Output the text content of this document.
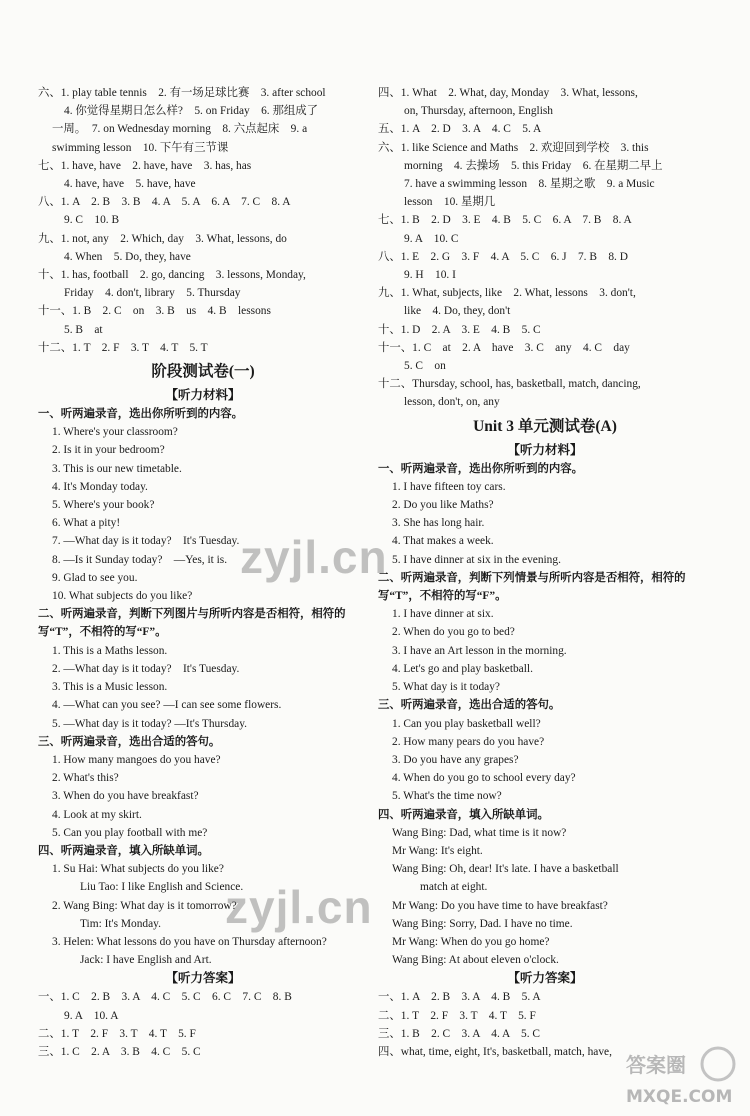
六、1. play table tennis　2. 有一场足球比赛　3. after school
4. 你觉得星期日怎么样?　5. on Friday　6. 那组成了
一周。　7. on Wednesday morning　8. 六点起床　9. a
swimming lesson　10. 下午有三节课
七、1. have, have　2. have, have　3. has, has
4. have, have　5. have, have
八、1. A　2. B　3. B　4. A　5. A　6. A　7. C　8. A
9. C　10. B
九、1. not, any　2. Which, day　3. What, lessons, do
4. When　5. Do, they, have
十、1. has, football　2. go, dancing　3. lessons, Monday,
Friday　4. don't, library　5. Thursday
十一、1. B　2. C　on　3. B　us　4. B　lessons
5. B　at
十二、1. T　2. F　3. T　4. T　5. T
阶段测试卷(一)
【听力材料】
一、听两遍录音，选出你所听到的内容。
1. Where's your classroom?
2. Is it in your bedroom?
3. This is our new timetable.
4. It's Monday today.
5. Where's your book?
6. What a pity!
7. —What day is it today?　It's Tuesday.
8. —Is it Sunday today?　—Yes, it is.
9. Glad to see you.
10. What subjects do you like?
二、听两遍录音，判断下列图片与所听内容是否相符，相符的
写“T”，不相符的写“F”。
1. This is a Maths lesson.
2. —What day is it today?　It's Tuesday.
3. This is a Music lesson.
4. —What can you see? —I can see some flowers.
5. —What day is it today? —It's Thursday.
三、听两遍录音，选出合适的答句。
1. How many mangoes do you have?
2. What's this?
3. When do you have breakfast?
4. Look at my skirt.
5. Can you play football with me?
四、听两遍录音，填入所缺单词。
1. Su Hai: What subjects do you like?
Liu Tao: I like English and Science.
2. Wang Bing: What day is it tomorrow?
Tim: It's Monday.
3. Helen: What lessons do you have on Thursday afternoon?
Jack: I have English and Art.
【听力答案】
一、1. C　2. B　3. A　4. C　5. C　6. C　7. C　8. B
9. A　10. A
二、1. T　2. F　3. T　4. T　5. F
三、1. C　2. A　3. B　4. C　5. C
四、1. What　2. What, day, Monday　3. What, lessons,
on, Thursday, afternoon, English
五、1. A　2. D　3. A　4. C　5. A
六、1. like Science and Maths　2. 欢迎回到学校　3. this
morning　4. 去操场　5. this Friday　6. 在星期二早上
7. have a swimming lesson　8. 星期之歌　9. a Music
lesson　10. 星期几
七、1. B　2. D　3. E　4. B　5. C　6. A　7. B　8. A
9. A　10. C
八、1. E　2. G　3. F　4. A　5. C　6. J　7. B　8. D
9. H　10. I
九、1. What, subjects, like　2. What, lessons　3. don't,
like　4. Do, they, don't
十、1. D　2. A　3. E　4. B　5. C
十一、1. C　at　2. A　have　3. C　any　4. C　day
5. C　on
十二、Thursday, school, has, basketball, match, dancing,
lesson, don't, on, any
Unit 3 单元测试卷(A)
【听力材料】
一、听两遍录音，选出你所听到的内容。
1. I have fifteen toy cars.
2. Do you like Maths?
3. She has long hair.
4. That makes a week.
5. I have dinner at six in the evening.
二、听两遍录音，判断下列情景与所听内容是否相符，相符的
写“T”，不相符的写“F”。
1. I have dinner at six.
2. When do you go to bed?
3. I have an Art lesson in the morning.
4. Let's go and play basketball.
5. What day is it today?
三、听两遍录音，选出合适的答句。
1. Can you play basketball well?
2. How many pears do you have?
3. Do you have any grapes?
4. When do you go to school every day?
5. What's the time now?
四、听两遍录音，填入所缺单词。
Wang Bing: Dad, what time is it now?
Mr Wang: It's eight.
Wang Bing: Oh, dear! It's late. I have a basketball
match at eight.
Mr Wang: Do you have time to have breakfast?
Wang Bing: Sorry, Dad. I have no time.
Mr Wang: When do you go home?
Wang Bing: At about eleven o'clock.
【听力答案】
一、1. A　2. B　3. A　4. B　5. A
二、1. T　2. F　3. T　4. T　5. F
三、1. B　2. C　3. A　4. A　5. C
四、what, time, eight, It's, basketball, match, have,
zyjl.cn
zyjl.cn
答案圈
MXQE.COM
